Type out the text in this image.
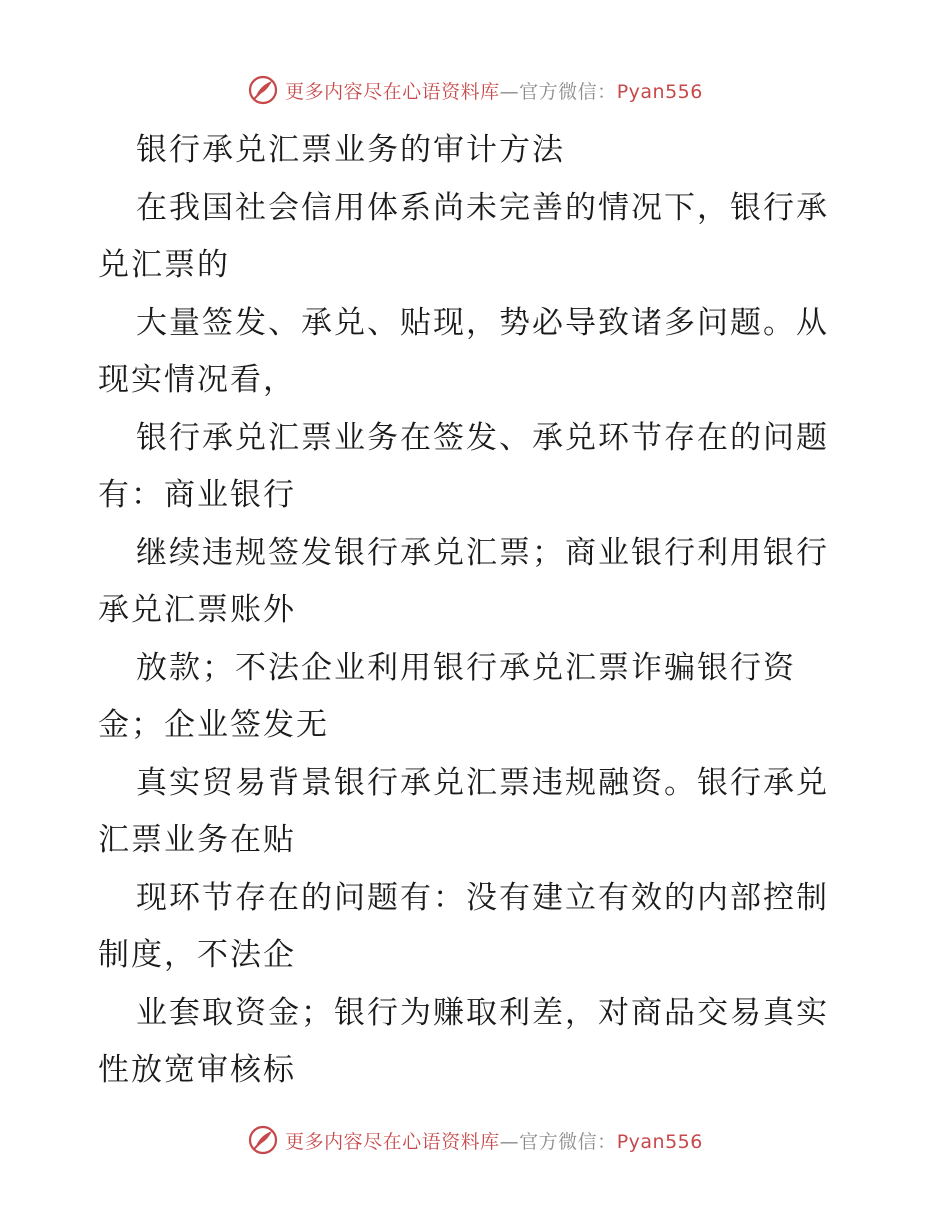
更多内容尽在心语资料库—官方微信：Pyan556
银行承兑汇票业务的审计方法
在我国社会信用体系尚未完善的情况下，银行承
兑汇票的
大量签发、承兑、贴现，势必导致诸多问题。从
现实情况看，
银行承兑汇票业务在签发、承兑环节存在的问题
有：商业银行
继续违规签发银行承兑汇票；商业银行利用银行
承兑汇票账外
放款；不法企业利用银行承兑汇票诈骗银行资
金；企业签发无
真实贸易背景银行承兑汇票违规融资。银行承兑
汇票业务在贴
现环节存在的问题有：没有建立有效的内部控制
制度，不法企
业套取资金；银行为赚取利差，对商品交易真实
性放宽审核标
更多内容尽在心语资料库—官方微信：Pyan556
